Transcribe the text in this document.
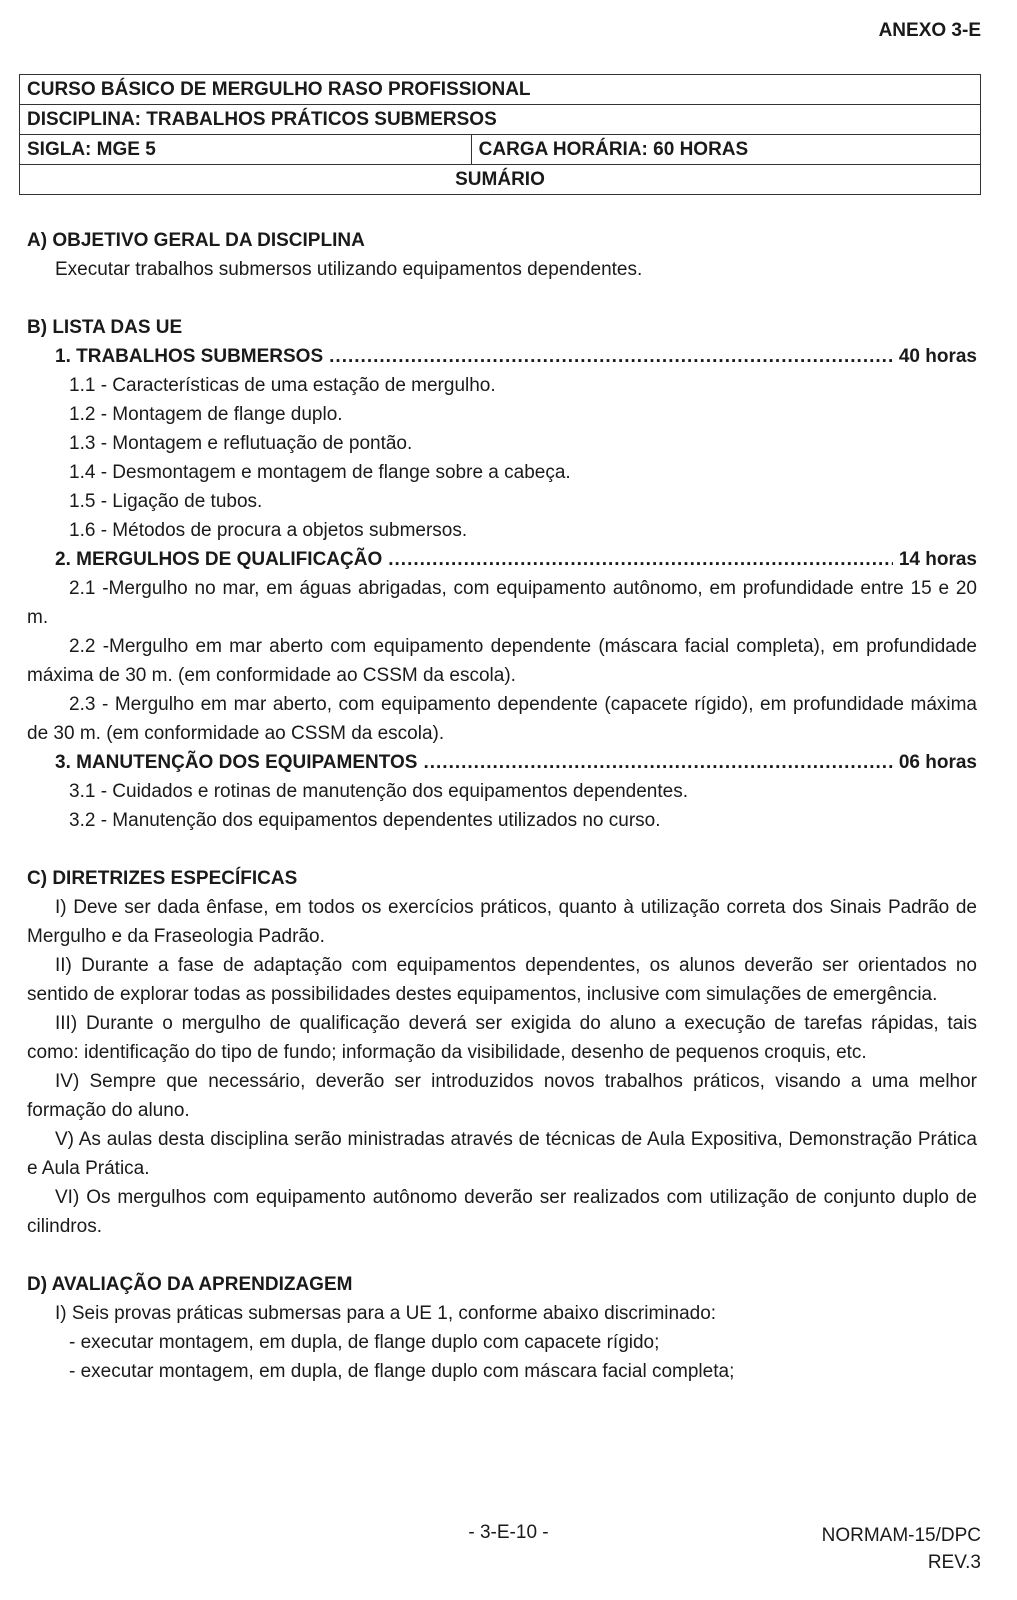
ANEXO 3-E
CURSO BÁSICO DE MERGULHO RASO PROFISSIONAL
DISCIPLINA: TRABALHOS PRÁTICOS SUBMERSOS
SIGLA: MGE 5	CARGA HORÁRIA: 60 HORAS
SUMÁRIO
A) OBJETIVO GERAL DA DISCIPLINA
Executar trabalhos submersos utilizando equipamentos dependentes.
B) LISTA DAS UE
1. TRABALHOS SUBMERSOS .....	40 horas
1.1 - Características de uma estação de mergulho.
1.2 - Montagem de flange duplo.
1.3 - Montagem e reflutuação de pontão.
1.4 - Desmontagem e montagem de flange sobre a cabeça.
1.5 - Ligação de tubos.
1.6 - Métodos de procura a objetos submersos.
2. MERGULHOS DE QUALIFICAÇÃO .....	14 horas
2.1 -Mergulho no mar, em águas abrigadas, com equipamento autônomo, em profundidade entre 15 e 20 m.
2.2 -Mergulho em mar aberto com equipamento dependente (máscara facial completa), em profundidade máxima de 30 m. (em conformidade ao CSSM da escola).
2.3 - Mergulho em mar aberto, com equipamento dependente (capacete rígido), em profundidade máxima de 30 m. (em conformidade ao CSSM da escola).
3. MANUTENÇÃO DOS EQUIPAMENTOS .....	06 horas
3.1 - Cuidados e rotinas de manutenção dos equipamentos dependentes.
3.2 - Manutenção dos equipamentos dependentes utilizados no curso.
C) DIRETRIZES ESPECÍFICAS
I) Deve ser dada ênfase, em todos os exercícios práticos, quanto à utilização correta dos Sinais Padrão de Mergulho e da Fraseologia Padrão.
II) Durante a fase de adaptação com equipamentos dependentes, os alunos deverão ser orientados no sentido de explorar todas as possibilidades destes equipamentos, inclusive com simulações de emergência.
III) Durante o mergulho de qualificação deverá ser exigida do aluno a execução de tarefas rápidas, tais como: identificação do tipo de fundo; informação da visibilidade, desenho de pequenos croquis, etc.
IV) Sempre que necessário, deverão ser introduzidos novos trabalhos práticos, visando a uma melhor formação do aluno.
V) As aulas desta disciplina serão ministradas através de técnicas de Aula Expositiva, Demonstração Prática e Aula Prática.
VI) Os mergulhos com equipamento autônomo deverão ser realizados com utilização de conjunto duplo de cilindros.
D) AVALIAÇÃO DA APRENDIZAGEM
I) Seis provas práticas submersas para a UE 1, conforme abaixo discriminado:
- executar montagem, em dupla, de flange duplo com capacete rígido;
- executar montagem, em dupla, de flange duplo com máscara facial completa;
- 3-E-10 -	NORMAM-15/DPC
REV.3
